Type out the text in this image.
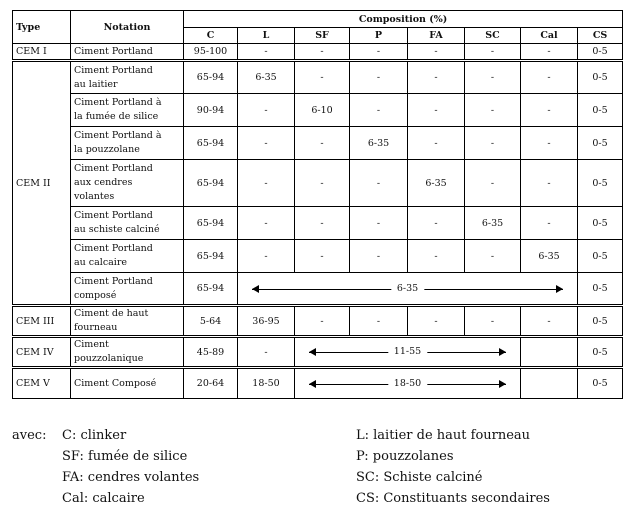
Type	Notation	Composition (%)							
		C	L	SF	P	FA	SC	Cal	CS
CEM I	Ciment Portland	95-100	-	-	-	-	-	-	0-5
CEM II	Ciment Portland
au laitier	65-94	6-35	-	-	-	-	-	0-5

	Ciment Portland à
la fumée de silice	90-94	-	6-10	-	-	-	-	0-5

	Ciment Portland à
la pouzzolane	65-94	-	-	6-35	-	-	-	0-5

	Ciment Portland
aux cendres
volantes	65-94	-	-	-	6-35	-	-	0-5

	Ciment Portland
au schiste calciné	65-94	-	-	-	-	6-35	-	0-5

	Ciment Portland
au calcaire	65-94	-	-	-	-	-	6-35	0-5

	Ciment Portland
composé	65-94	6-35						0-5
CEM III	Ciment de haut
fourneau	5-64	36-95	-	-	-	-	-	0-5
CEM IV	Ciment
pouzzolanique	45-89	-	11-55					0-5
CEM V	Ciment Composé	20-64	18-50	18-50					0-5
avec: C: clinker	L: laitier de haut fourneau
SF: fumée de silice	P: pouzzolanes
FA: cendres volantes	SC: Schiste calciné
Cal: calcaire	CS: Constituants secondaires
